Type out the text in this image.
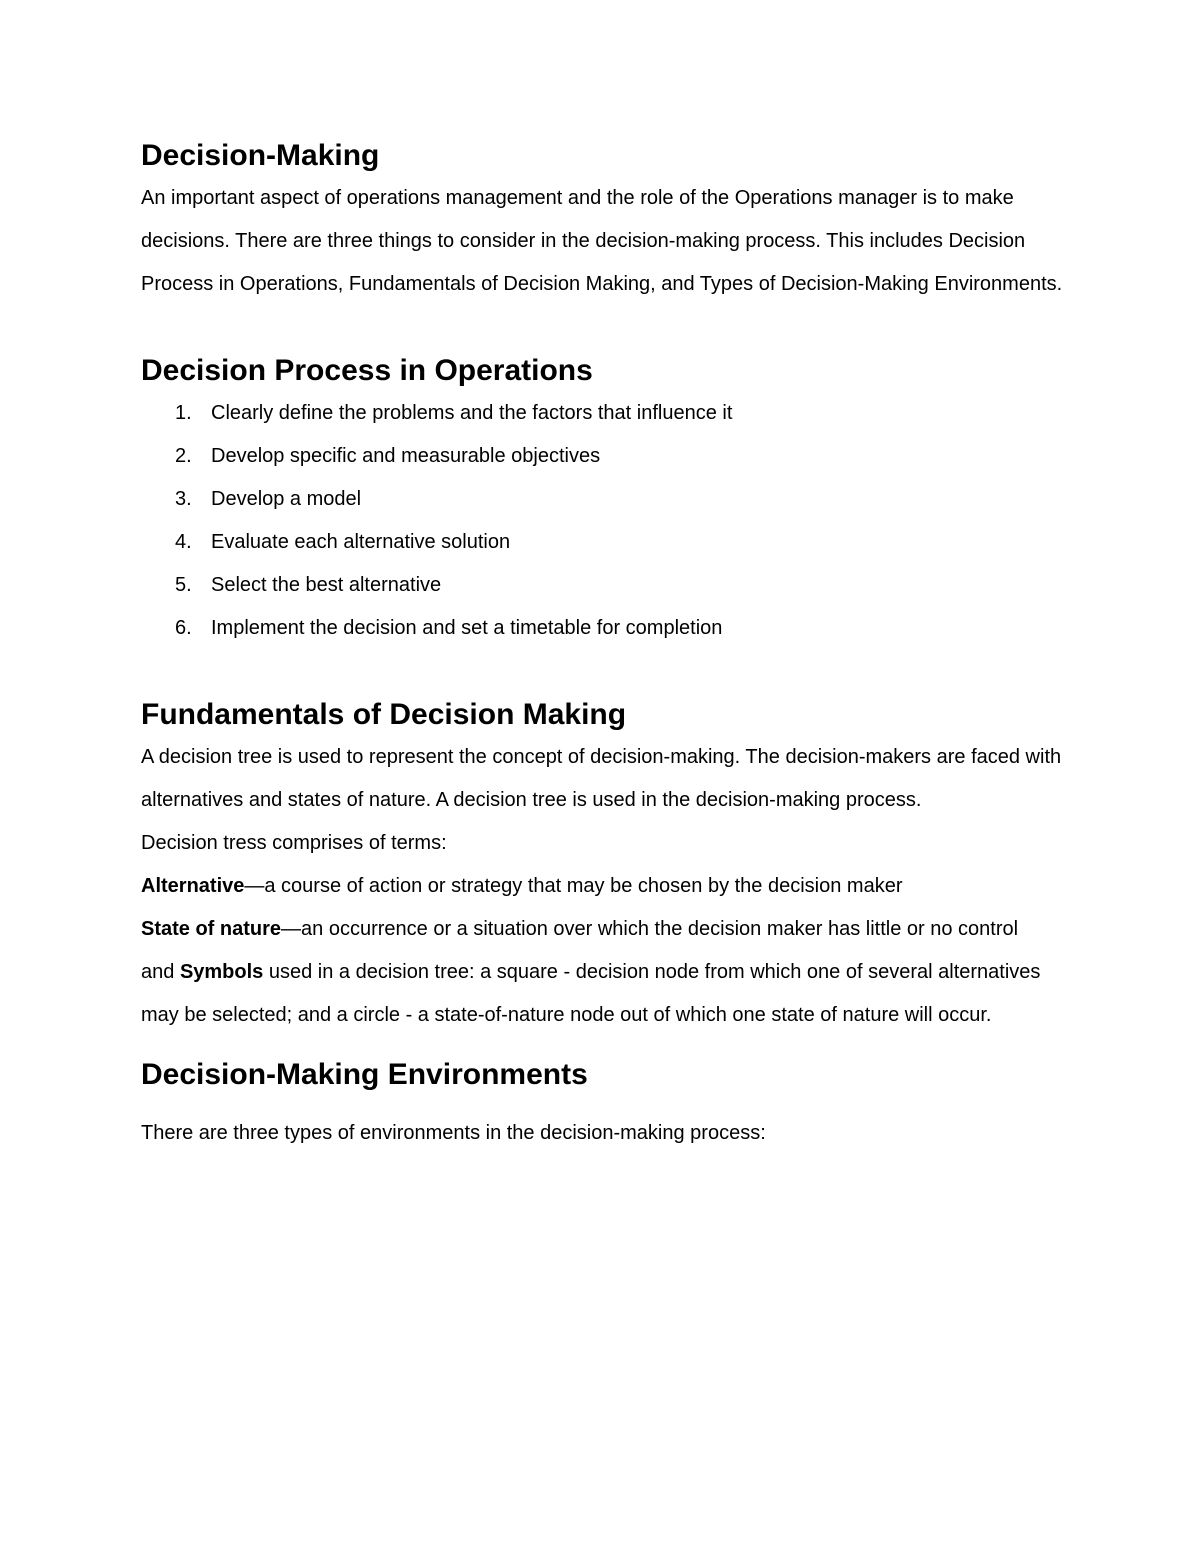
Decision-Making

An important aspect of operations management and the role of the Operations manager is to make decisions. There are three things to consider in the decision-making process. This includes Decision Process in Operations, Fundamentals of Decision Making, and Types of Decision-Making Environments.

Decision Process in Operations
1. Clearly define the problems and the factors that influence it
2. Develop specific and measurable objectives
3. Develop a model
4. Evaluate each alternative solution
5. Select the best alternative
6. Implement the decision and set a timetable for completion
Fundamentals of Decision Making

A decision tree is used to represent the concept of decision-making. The decision-makers are faced with alternatives and states of nature. A decision tree is used in the decision-making process.

Decision tress comprises of terms:

Alternative—a course of action or strategy that may be chosen by the decision maker

State of nature—an occurrence or a situation over which the decision maker has little or no control

and Symbols used in a decision tree: a square - decision node from which one of several alternatives may be selected; and a circle - a state-of-nature node out of which one state of nature will occur.

Decision-Making Environments

There are three types of environments in the decision-making process:
